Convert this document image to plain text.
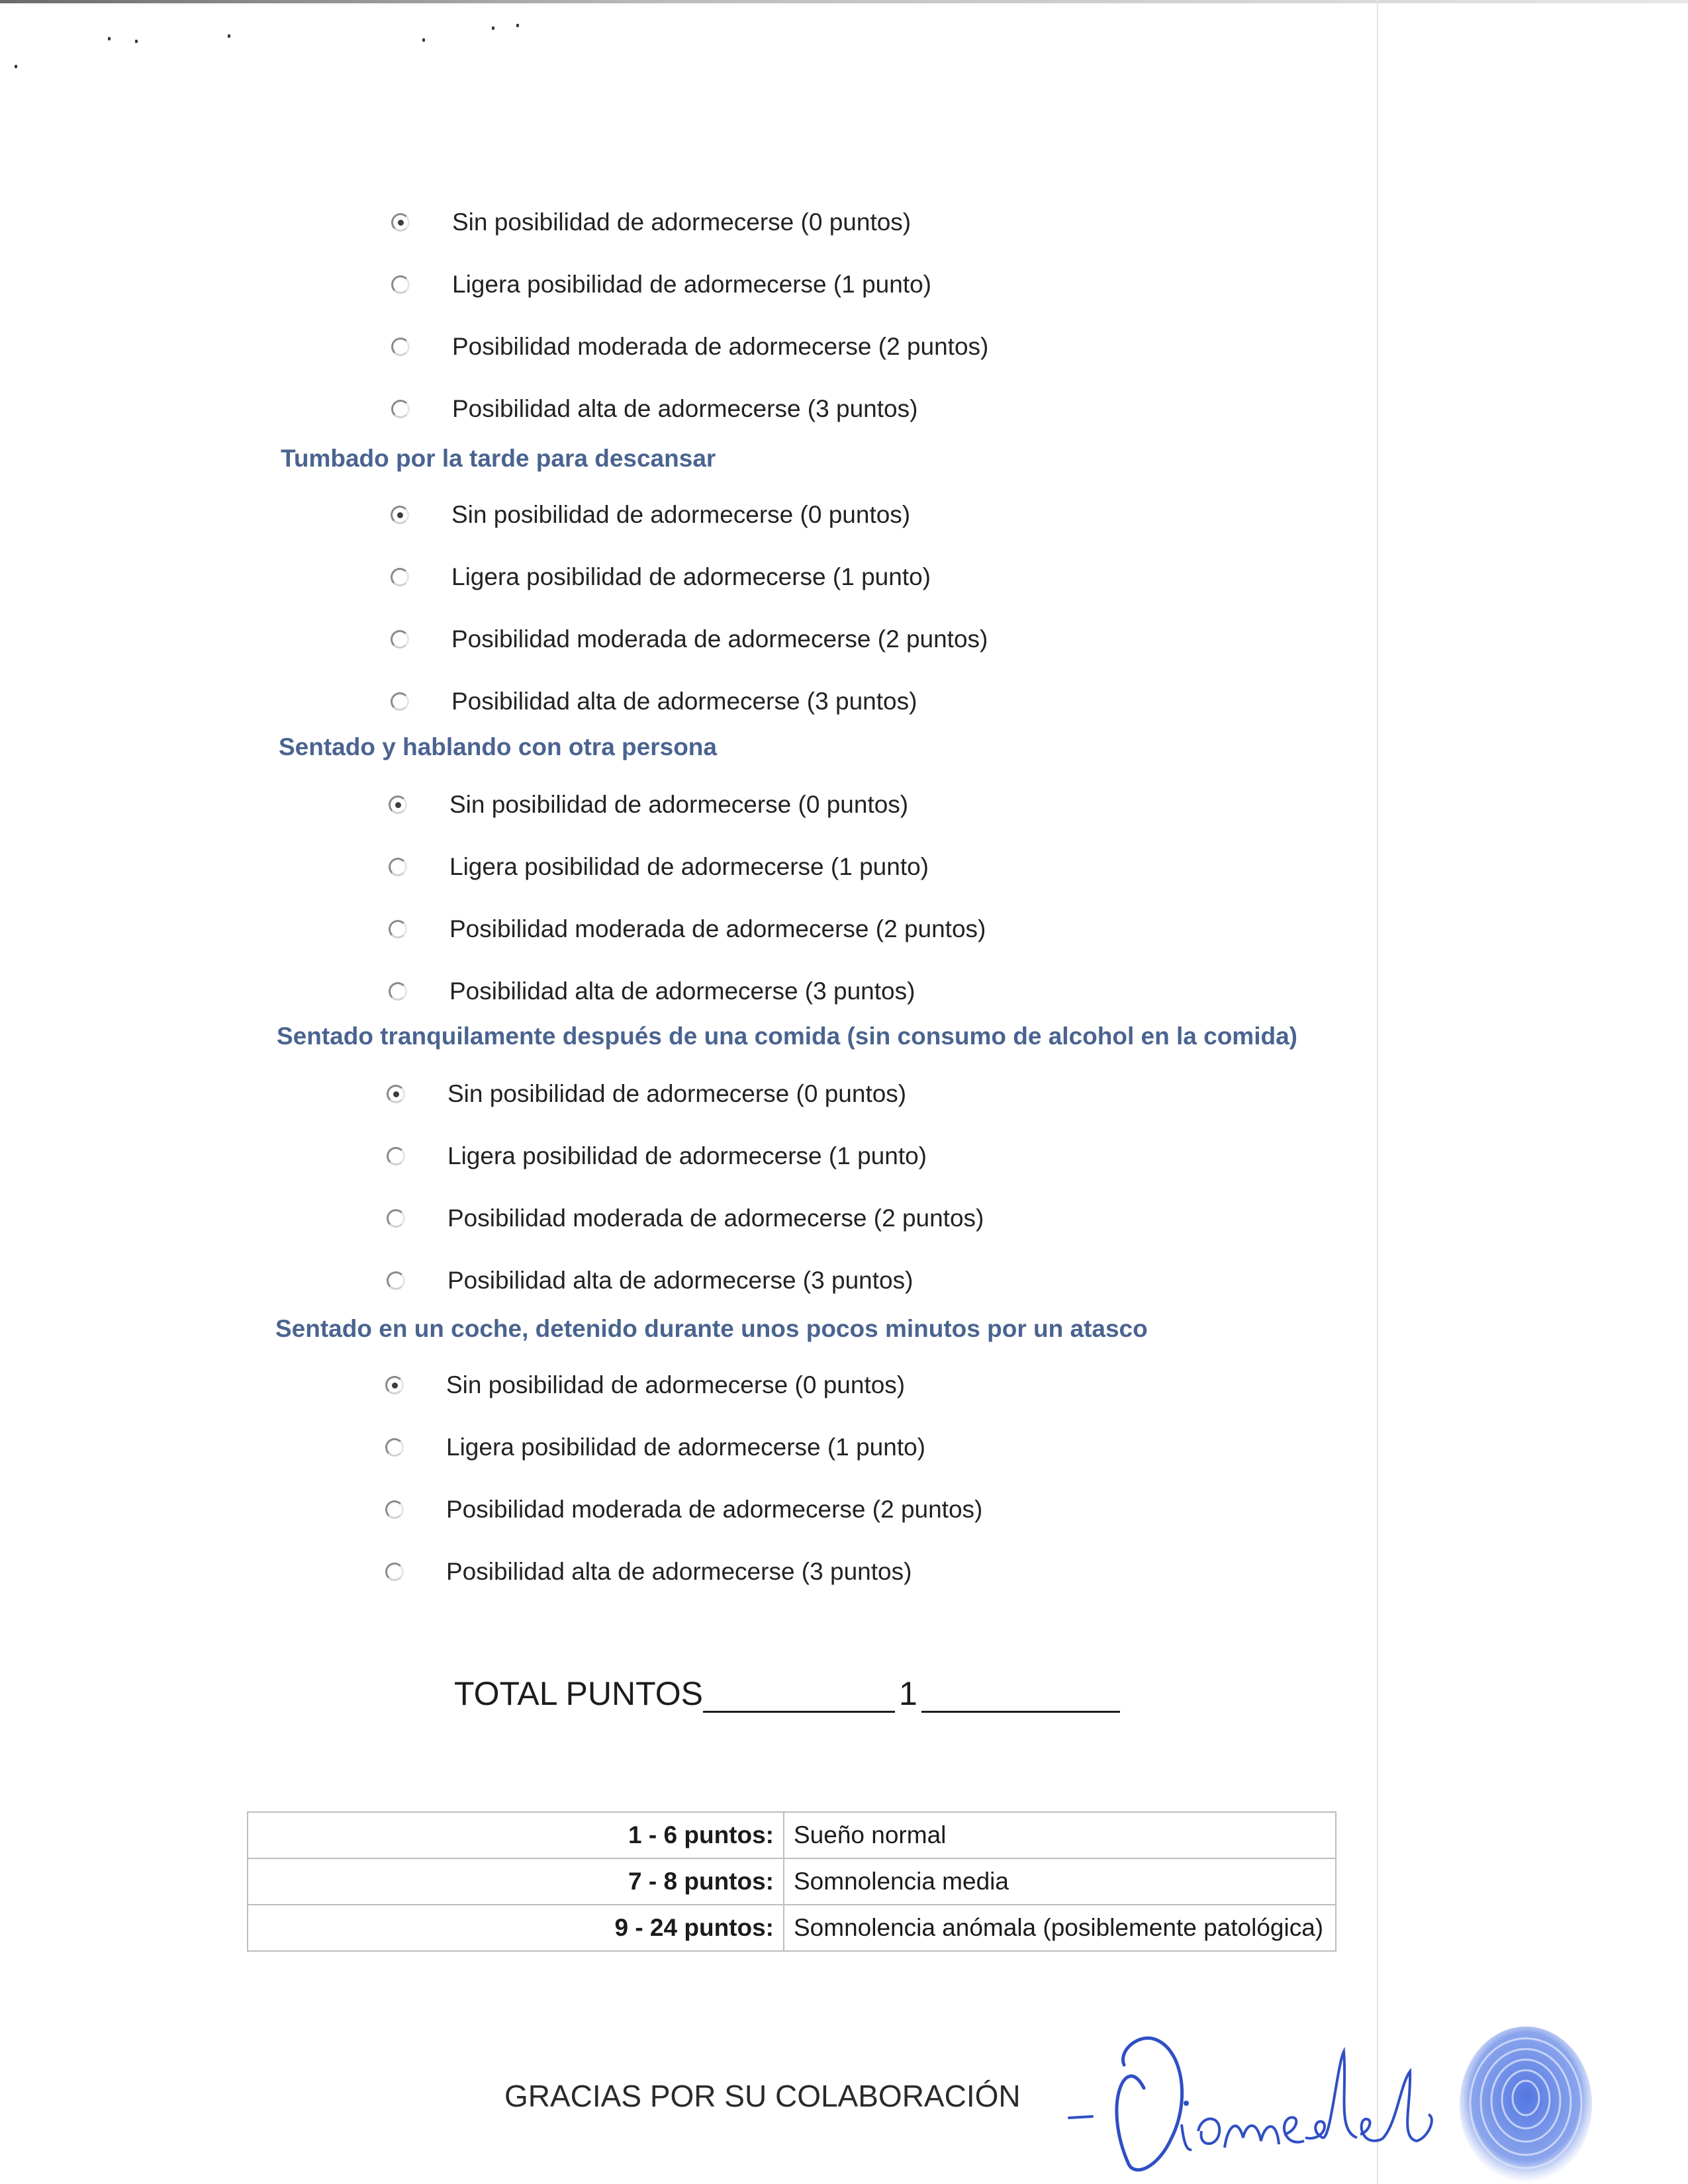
Sin posibilidad de adormecerse (0 puntos)
Ligera posibilidad de adormecerse (1 punto)
Posibilidad moderada de adormecerse (2 puntos)
Posibilidad alta de adormecerse (3 puntos)
Tumbado por la tarde para descansar
Sin posibilidad de adormecerse (0 puntos)
Ligera posibilidad de adormecerse (1 punto)
Posibilidad moderada de adormecerse (2 puntos)
Posibilidad alta de adormecerse (3 puntos)
Sentado y hablando con otra persona
Sin posibilidad de adormecerse (0 puntos)
Ligera posibilidad de adormecerse (1 punto)
Posibilidad moderada de adormecerse (2 puntos)
Posibilidad alta de adormecerse (3 puntos)
Sentado tranquilamente después de una comida (sin consumo de alcohol en la comida)
Sin posibilidad de adormecerse (0 puntos)
Ligera posibilidad de adormecerse (1 punto)
Posibilidad moderada de adormecerse (2 puntos)
Posibilidad alta de adormecerse (3 puntos)
Sentado en un coche, detenido durante unos pocos minutos por un atasco
Sin posibilidad de adormecerse (0 puntos)
Ligera posibilidad de adormecerse (1 punto)
Posibilidad moderada de adormecerse (2 puntos)
Posibilidad alta de adormecerse (3 puntos)
TOTAL PUNTOS	1
1 - 6 puntos:	Sueño normal
7 - 8 puntos:	Somnolencia media
9 - 24 puntos:	Somnolencia anómala (posiblemente patológica)
GRACIAS POR SU COLABORACIÓN
